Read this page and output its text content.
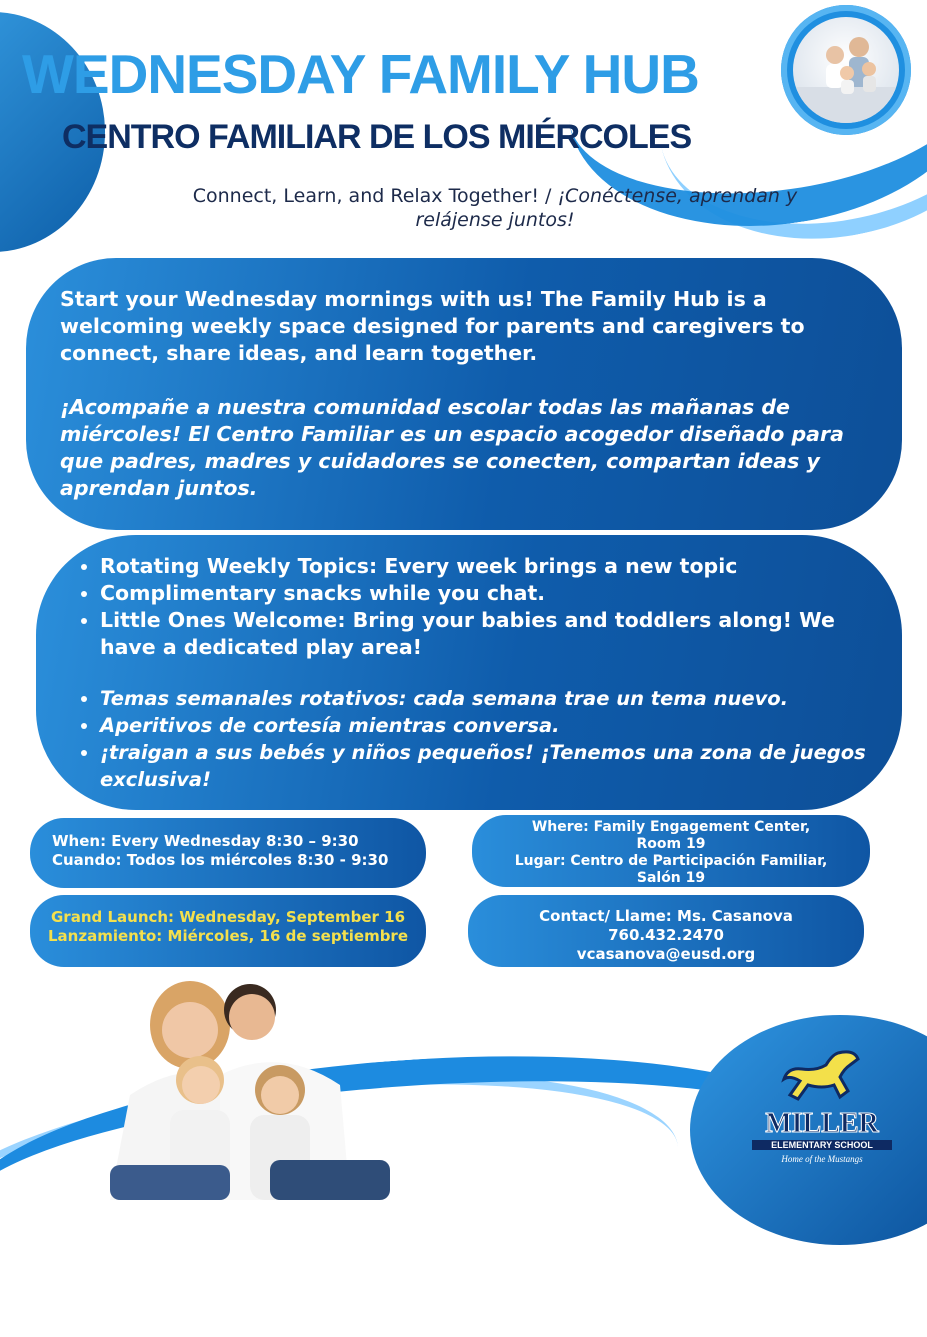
WEDNESDAY FAMILY HUB
CENTRO FAMILIAR DE LOS MIÉRCOLES
Connect, Learn, and Relax Together! / ¡Conéctense, aprendan y relájense juntos!
Start your Wednesday mornings with us! The Family Hub is a welcoming weekly space designed for parents and caregivers to connect, share ideas, and learn together.
¡Acompañe a nuestra comunidad escolar todas las mañanas de miércoles! El Centro Familiar es un espacio acogedor diseñado para que padres, madres y cuidadores se conecten, compartan ideas y aprendan juntos.
• Rotating Weekly Topics: Every week brings a new topic
• Complimentary snacks while you chat.
• Little Ones Welcome: Bring your babies and toddlers along! We have a dedicated play area!
• Temas semanales rotativos: cada semana trae un tema nuevo.
• Aperitivos de cortesía mientras conversa.
• ¡traigan a sus bebés y niños pequeños! ¡Tenemos una zona de juegos exclusiva!
When: Every Wednesday 8:30 – 9:30
Cuando: Todos los miércoles 8:30 - 9:30
Where: Family Engagement Center, Room 19
Lugar: Centro de Participación Familiar, Salón 19
Grand Launch: Wednesday, September 16
Lanzamiento: Miércoles, 16 de septiembre
Contact/ Llame: Ms. Casanova
760.432.2470
vcasanova@eusd.org
MILLER
ELEMENTARY SCHOOL
Home of the Mustangs
